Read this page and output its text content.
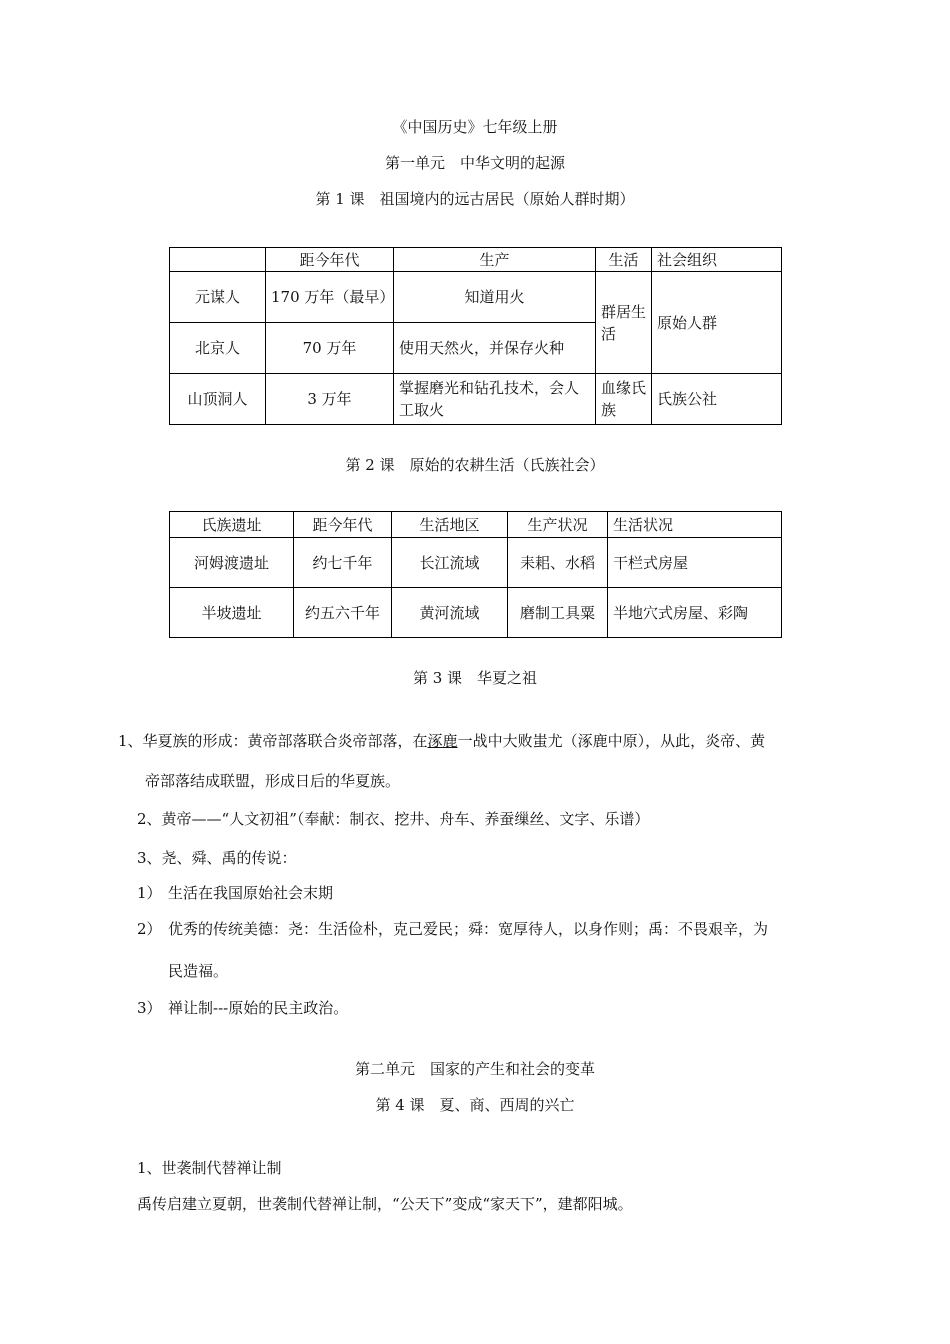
《中国历史》七年级上册
第一单元　中华文明的起源
第 1 课　祖国境内的远古居民（原始人群时期）
	距今年代	生产	生活	社会组织
元谋人	170 万年（最早）	知道用火	群居生活	原始人群
北京人	70 万年	使用天然火，并保存火种		
山顶洞人	3 万年	掌握磨光和钻孔技术，会人工取火	血缘氏族	氏族公社
第 2 课　原始的农耕生活（氏族社会）
氏族遗址	距今年代	生活地区	生产状况	生活状况
河姆渡遗址	约七千年	长江流域	耒耜、水稻	干栏式房屋
半坡遗址	约五六千年	黄河流域	磨制工具粟	半地穴式房屋、彩陶
第 3 课　华夏之祖
1、华夏族的形成：黄帝部落联合炎帝部落，在涿鹿一战中大败蚩尤（涿鹿中原），从此，炎帝、黄
帝部落结成联盟，形成日后的华夏族。
2、黄帝——“人文初祖”（奉献：制衣、挖井、舟车、养蚕缫丝、文字、乐谱）
3、尧、舜、禹的传说：
1） 生活在我国原始社会末期
2） 优秀的传统美德：尧：生活俭朴，克己爱民；舜：宽厚待人，以身作则；禹：不畏艰辛，为
民造福。
3） 禅让制---原始的民主政治。
第二单元　国家的产生和社会的变革
第 4 课　夏、商、西周的兴亡
1、世袭制代替禅让制
禹传启建立夏朝，世袭制代替禅让制，“公天下”变成“家天下”，建都阳城。
